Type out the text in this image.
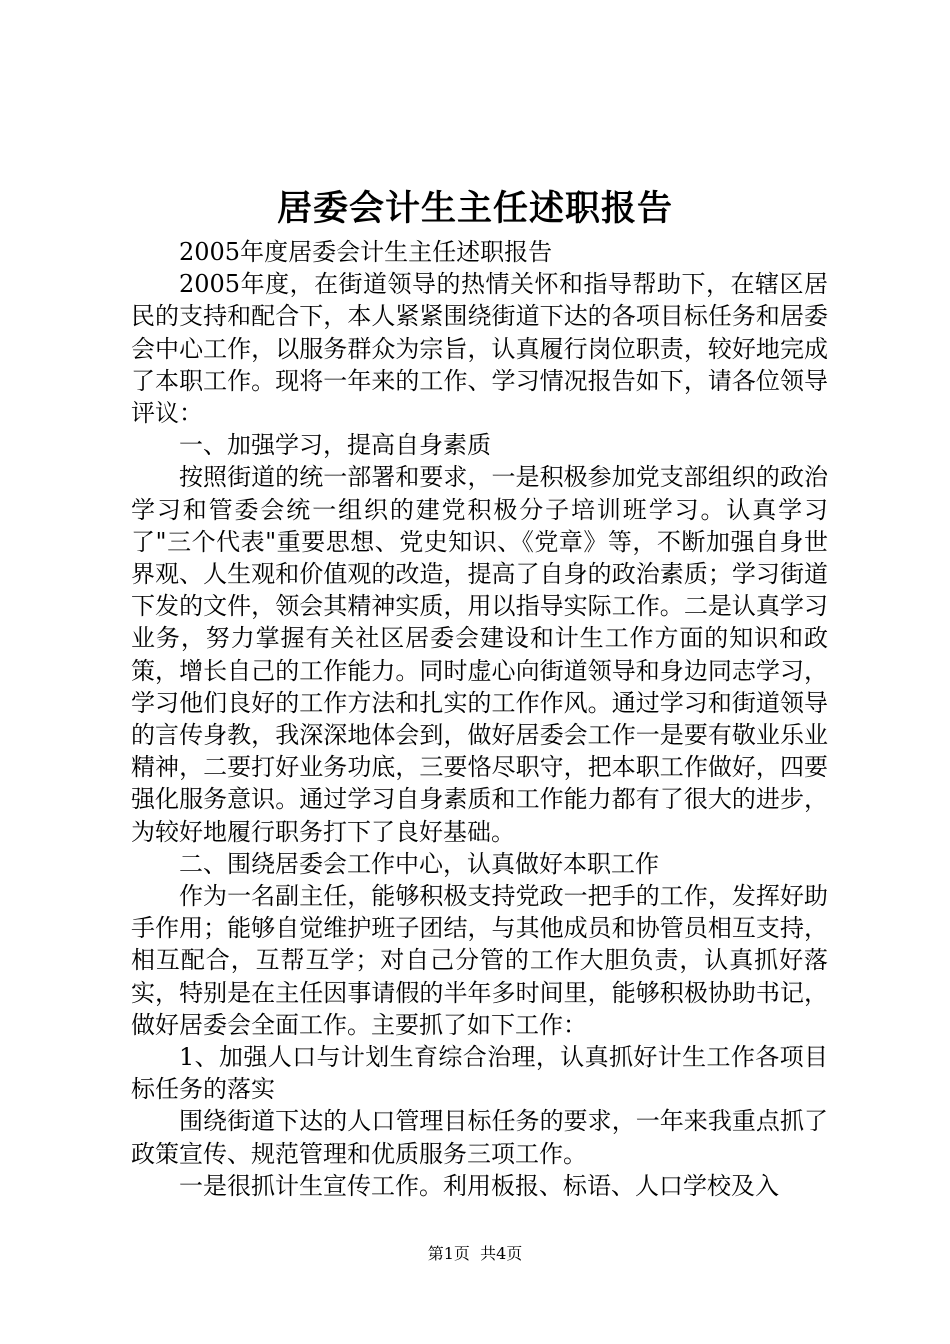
居委会计生主任述职报告

2005年度居委会计生主任述职报告

2005年度，在街道领导的热情关怀和指导帮助下，在辖区居民的支持和配合下，本人紧紧围绕街道下达的各项目标任务和居委会中心工作，以服务群众为宗旨，认真履行岗位职责，较好地完成了本职工作。现将一年来的工作、学习情况报告如下，请各位领导评议：

一、加强学习，提高自身素质

按照街道的统一部署和要求，一是积极参加党支部组织的政治学习和管委会统一组织的建党积极分子培训班学习。认真学习了"三个代表"重要思想、党史知识、《党章》等，不断加强自身世界观、人生观和价值观的改造，提高了自身的政治素质；学习街道下发的文件，领会其精神实质，用以指导实际工作。二是认真学习业务，努力掌握有关社区居委会建设和计生工作方面的知识和政策，增长自己的工作能力。同时虚心向街道领导和身边同志学习，学习他们良好的工作方法和扎实的工作作风。通过学习和街道领导的言传身教，我深深地体会到，做好居委会工作一是要有敬业乐业精神，二要打好业务功底，三要恪尽职守，把本职工作做好，四要强化服务意识。通过学习自身素质和工作能力都有了很大的进步，为较好地履行职务打下了良好基础。

二、围绕居委会工作中心，认真做好本职工作

作为一名副主任，能够积极支持党政一把手的工作，发挥好助手作用；能够自觉维护班子团结，与其他成员和协管员相互支持，相互配合，互帮互学；对自己分管的工作大胆负责，认真抓好落实，特别是在主任因事请假的半年多时间里，能够积极协助书记，做好居委会全面工作。主要抓了如下工作：

1、加强人口与计划生育综合治理，认真抓好计生工作各项目标任务的落实

围绕街道下达的人口管理目标任务的要求，一年来我重点抓了政策宣传、规范管理和优质服务三项工作。

一是很抓计生宣传工作。利用板报、标语、人口学校及入

第1页  共4页
